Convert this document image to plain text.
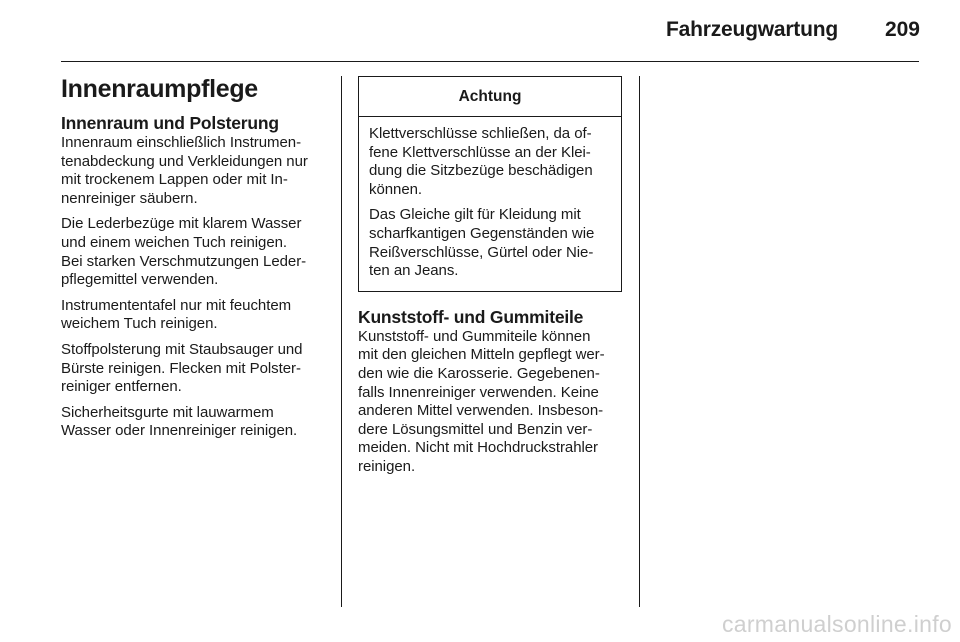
Fahrzeugwartung 209
Innenraumpflege
Innenraum und Polsterung

Innenraum einschließlich Instrumen-
tenabdeckung und Verkleidungen nur
mit trockenem Lappen oder mit In-
nenreiniger säubern.

Die Lederbezüge mit klarem Wasser
und einem weichen Tuch reinigen.
Bei starken Verschmutzungen Leder-
pflegemittel verwenden.

Instrumententafel nur mit feuchtem
weichem Tuch reinigen.

Stoffpolsterung mit Staubsauger und
Bürste reinigen. Flecken mit Polster-
reiniger entfernen.

Sicherheitsgurte mit lauwarmem
Wasser oder Innenreiniger reinigen.

Achtung

Klettverschlüsse schließen, da of-
fene Klettverschlüsse an der Klei-
dung die Sitzbezüge beschädigen
können.

Das Gleiche gilt für Kleidung mit
scharfkantigen Gegenständen wie
Reißverschlüsse, Gürtel oder Nie-
ten an Jeans.

Kunststoff- und Gummiteile

Kunststoff- und Gummiteile können
mit den gleichen Mitteln gepflegt wer-
den wie die Karosserie. Gegebenen-
falls Innenreiniger verwenden. Keine
anderen Mittel verwenden. Insbeson-
dere Lösungsmittel und Benzin ver-
meiden. Nicht mit Hochdruckstrahler
reinigen.

carmanualsonline.info
